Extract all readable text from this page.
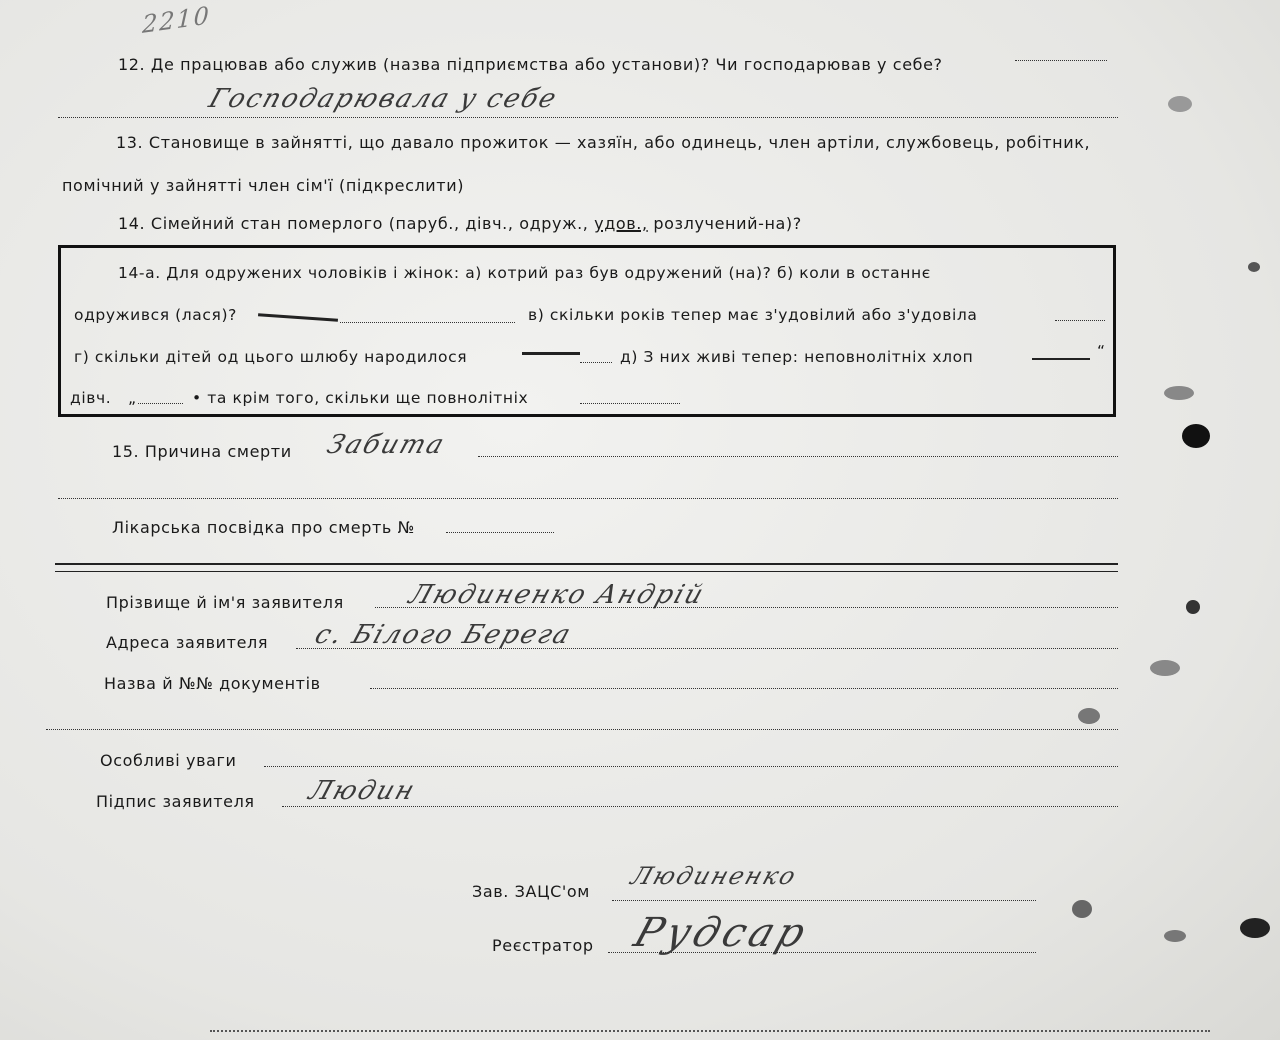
2210
12. Де працював або служив (назва підприємства або установи)? Чи господарював у себе?
Господарювала у себе
13. Становище в зайнятті, що давало прожиток — хазяїн, або одинець, член артіли, службовець, робітник,
помічний у зайнятті член сім'ї (підкреслити)
14. Сімейний стан померлого (паруб., дівч., одруж., удов., розлучений-на)?
14-а. Для одружених чоловіків і жінок: а) котрий раз був одружений (на)? б) коли в останнє
одружився (лася)?	в) скільки років тепер має з'удовілий або з'удовіла
г) скільки дітей од цього шлюбу народилося	д) З них живі тепер: неповнолітніх хлоп	“
дівч. „	• та крім того, скільки ще повнолітніх
15. Причина смерти Забита
Лікарська посвідка про смерть №
Прізвище й ім'я заявителя Людиненко Андрій
Адреса заявителя с. Білого Берега
Назва й №№ документів
Особливі уваги
Підпис заявителя Людин
Зав. ЗАЦС'ом
Людиненко
Реєстратор Рудсар
